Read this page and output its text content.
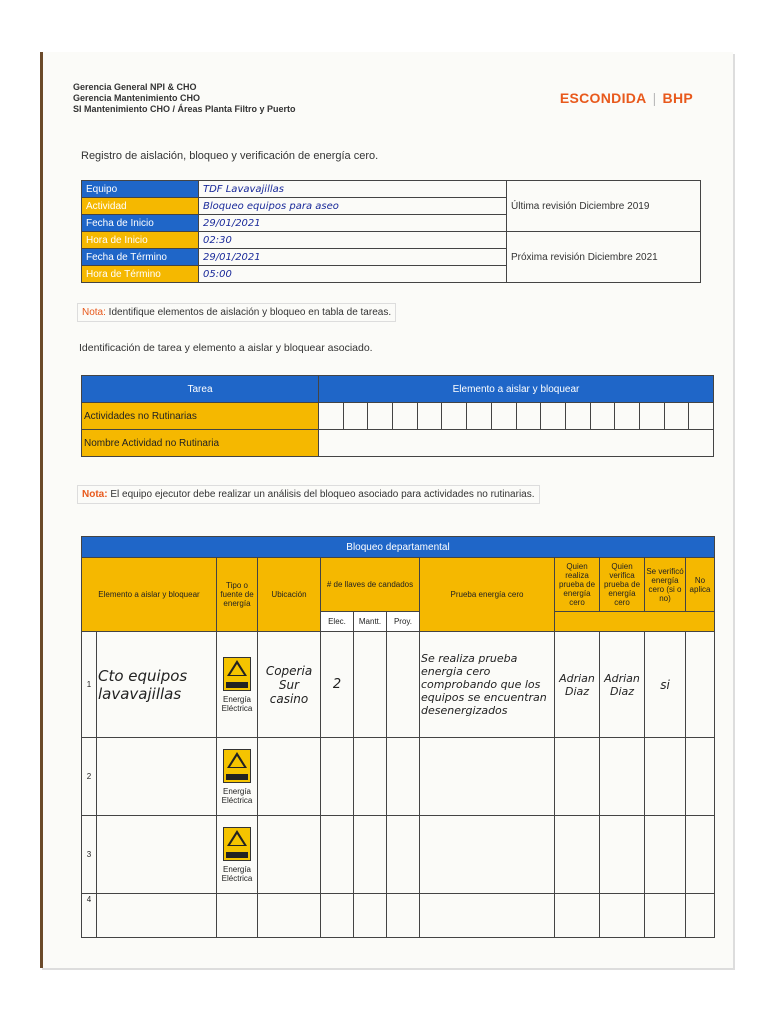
Gerencia General NPI & CHO
Gerencia Mantenimiento CHO
SI Mantenimiento CHO / Áreas Planta Filtro y Puerto
ESCONDIDA | BHP
Registro de aislación, bloqueo y verificación de energía cero.
Equipo	TDF Lavavajillas	Última revisión Diciembre 2019
Actividad	Bloqueo equipos para aseo	
Fecha de Inicio	29/01/2021	
Hora de Inicio	02:30	Próxima revisión Diciembre 2021
Fecha de Término	29/01/2021	
Hora de Término	05:00	
Nota: Identifique elementos de aislación y bloqueo en tabla de tareas.
Identificación de tarea y elemento a aislar y bloquear asociado.
Tarea	Elemento a aislar y bloquear															
Actividades no Rutinarias																
Nombre Actividad no Rutinaria																
Nota: El equipo ejecutor debe realizar un análisis del bloqueo asociado para actividades no rutinarias.
Bloqueo departamental											
Elemento a aislar y bloquear		Tipo o fuente de energía	Ubicación	# de llaves de candados			Prueba energía cero	Quien realiza prueba de energía cero	Quien verifica prueba de energía cero	Se verificó energía cero (si o no)	No aplica
				Elec.	Mantt.	Proy.					
1	Cto equipos lavavajillas	Energía Eléctrica	Coperia Sur casino	2			Se realiza prueba energia cero comprobando que los equipos se encuentran desenergizados	Adrian Diaz	Adrian Diaz	si	
2		Energía Eléctrica									

3		Energía Eléctrica									

4											
